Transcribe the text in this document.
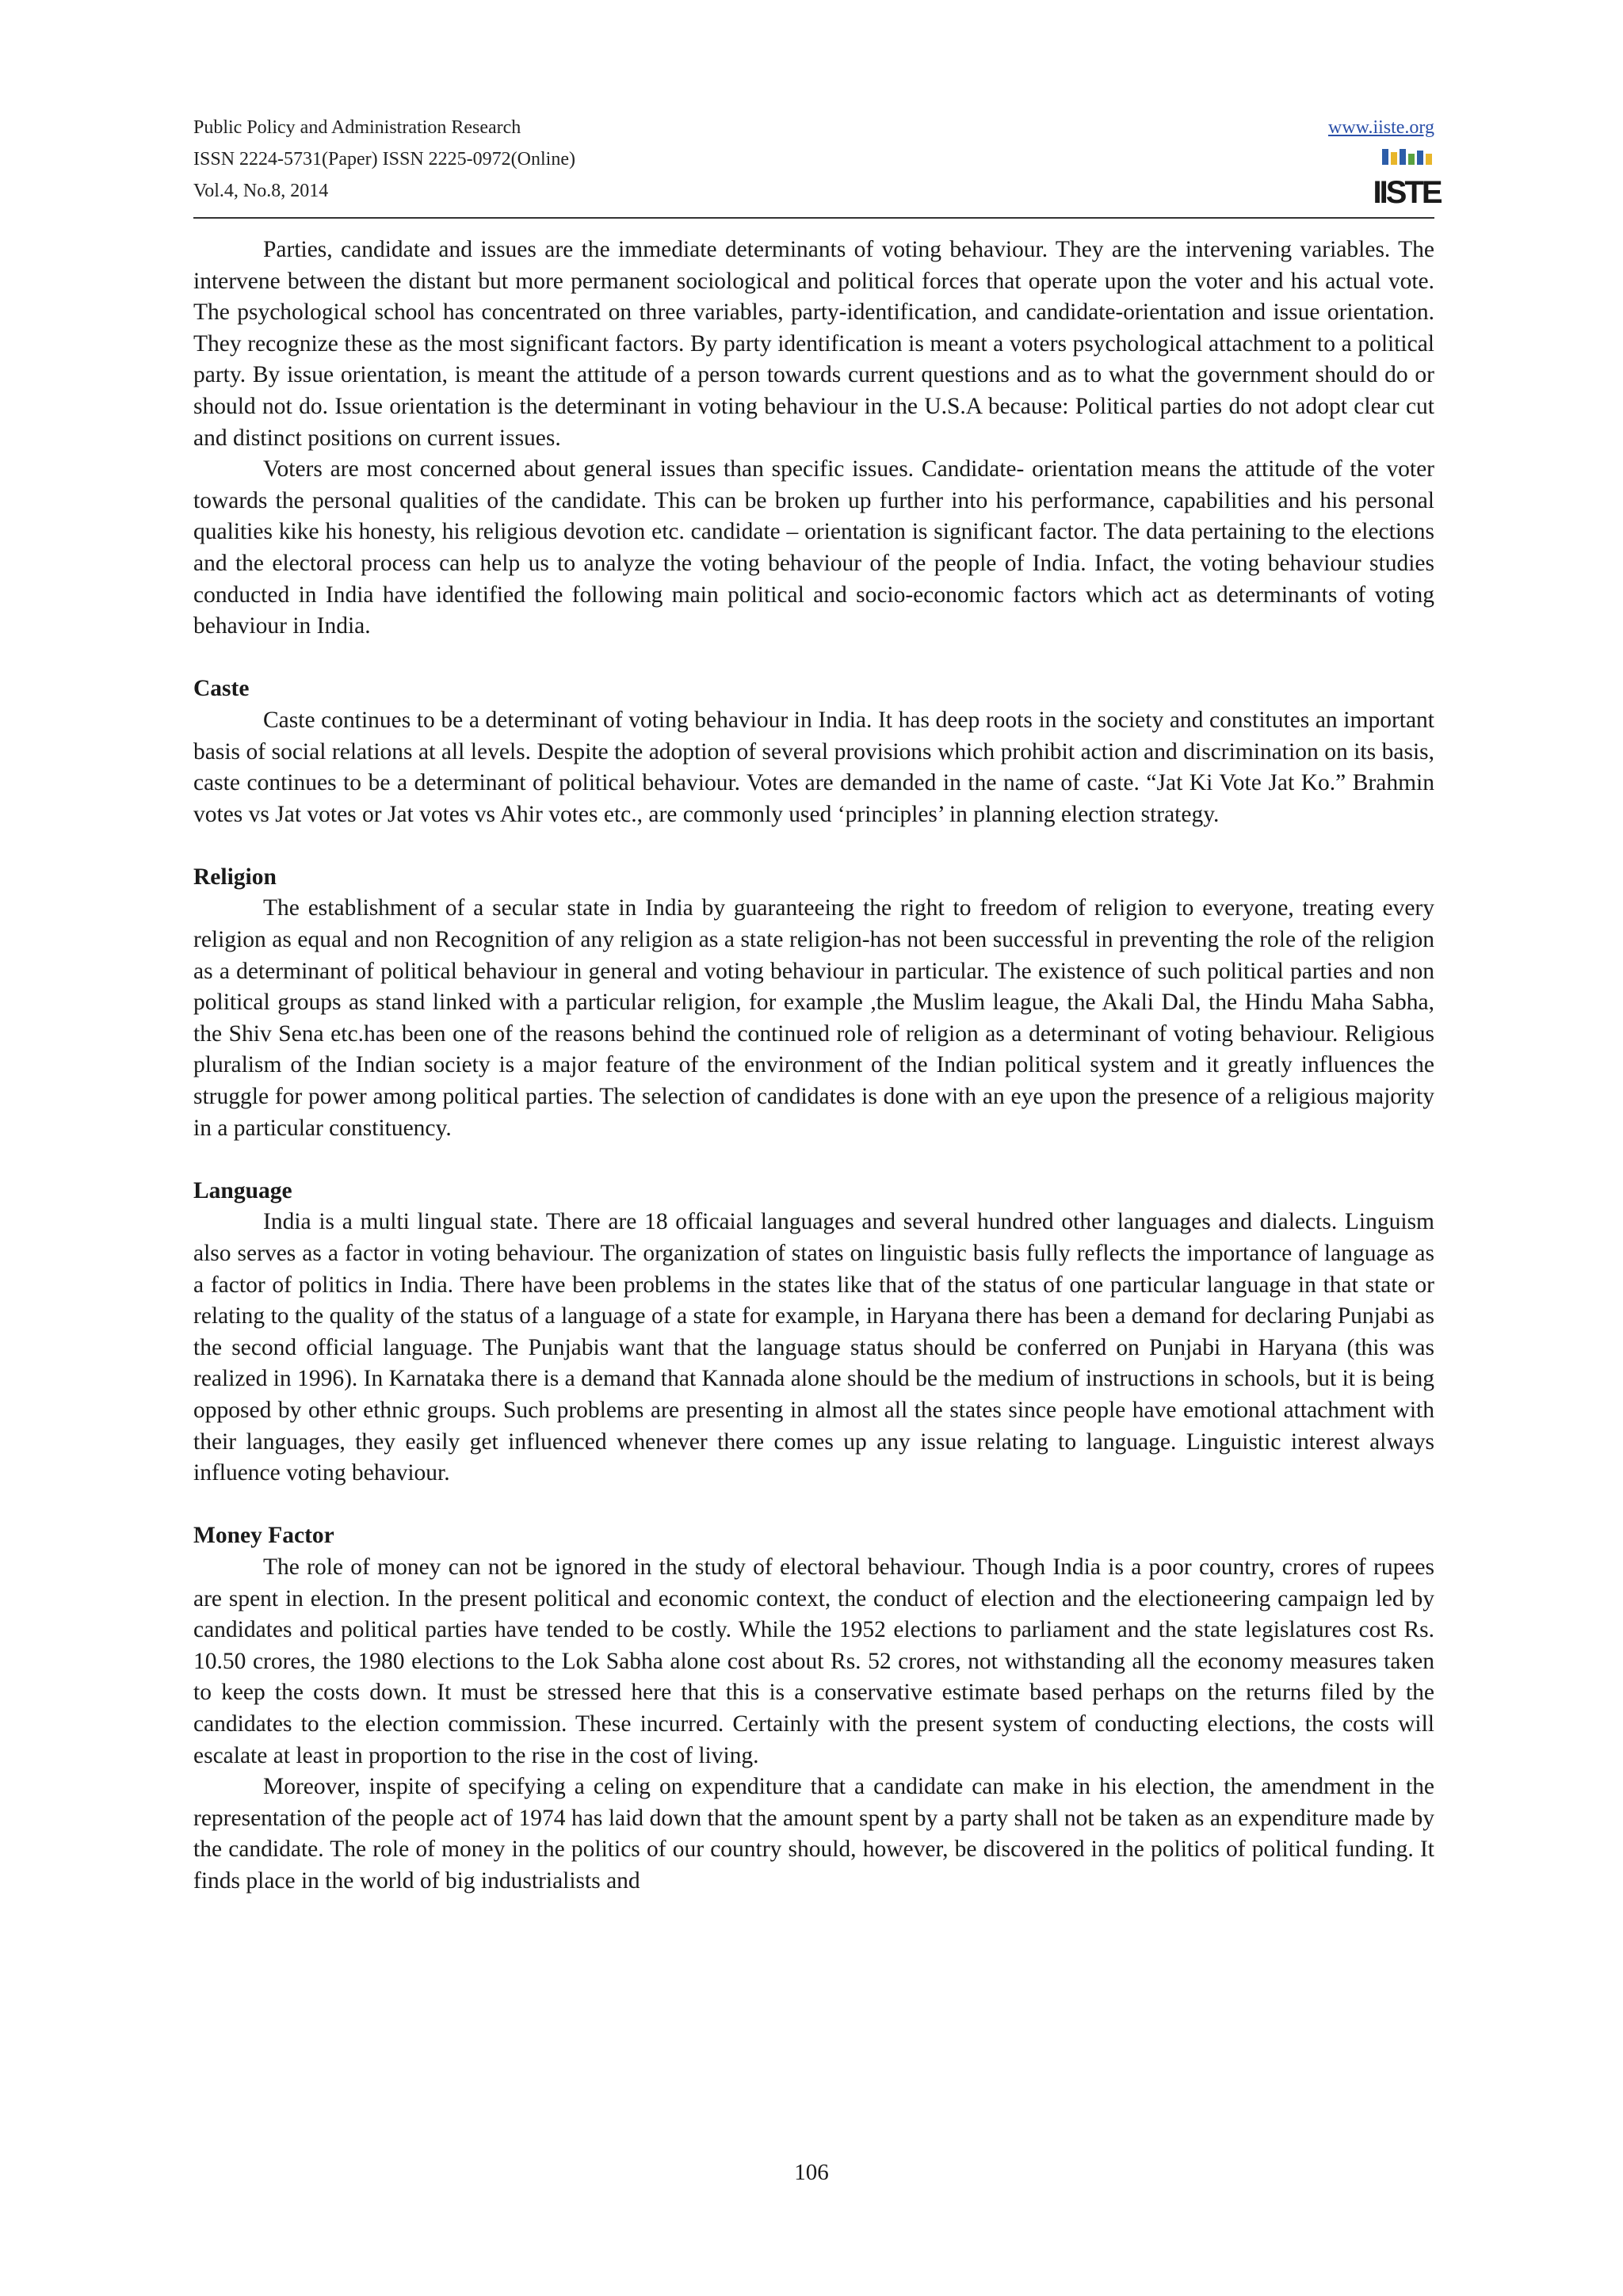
Public Policy and Administration Research
ISSN 2224-5731(Paper) ISSN 2225-0972(Online)
Vol.4, No.8, 2014
www.iiste.org
IISTE

Parties, candidate and issues are the immediate determinants of voting behaviour. They are the intervening variables. The intervene between the distant but more permanent sociological and political forces that operate upon the voter and his actual vote. The psychological school has concentrated on three variables, party-identification, and candidate-orientation and issue orientation. They recognize these as the most significant factors. By party identification is meant a voters psychological attachment to a political party. By issue orientation, is meant the attitude of a person towards current questions and as to what the government should do or should not do. Issue orientation is the determinant in voting behaviour in the U.S.A because: Political parties do not adopt clear cut and distinct positions on current issues.

Voters are most concerned about general issues than specific issues. Candidate- orientation means the attitude of the voter towards the personal qualities of the candidate. This can be broken up further into his performance, capabilities and his personal qualities kike his honesty, his religious devotion etc. candidate – orientation is significant factor. The data pertaining to the elections and the electoral process can help us to analyze the voting behaviour of the people of India. Infact, the voting behaviour studies conducted in India have identified the following main political and socio-economic factors which act as determinants of voting behaviour in India.

Caste

Caste continues to be a determinant of voting behaviour in India. It has deep roots in the society and constitutes an important basis of social relations at all levels. Despite the adoption of several provisions which prohibit action and discrimination on its basis, caste continues to be a determinant of political behaviour. Votes are demanded in the name of caste. “Jat Ki Vote Jat Ko.” Brahmin votes vs Jat votes or Jat votes vs Ahir votes etc., are commonly used ‘principles’ in planning election strategy.

Religion

The establishment of a secular state in India by guaranteeing the right to freedom of religion to everyone, treating every religion as equal and non Recognition of any religion as a state religion-has not been successful in preventing the role of the religion as a determinant of political behaviour in general and voting behaviour in particular. The existence of such political parties and non political groups as stand linked with a particular religion, for example ,the Muslim league, the Akali Dal, the Hindu Maha Sabha, the Shiv Sena etc.has been one of the reasons behind the continued role of religion as a determinant of voting behaviour. Religious pluralism of the Indian society is a major feature of the environment of the Indian political system and it greatly influences the struggle for power among political parties. The selection of candidates is done with an eye upon the presence of a religious majority in a particular constituency.

Language

India is a multi lingual state. There are 18 officaial languages and several hundred other languages and dialects. Linguism also serves as a factor in voting behaviour. The organization of states on linguistic basis fully reflects the importance of language as a factor of politics in India. There have been problems in the states like that of the status of one particular language in that state or relating to the quality of the status of a language of a state for example, in Haryana there has been a demand for declaring Punjabi as the second official language. The Punjabis want that the language status should be conferred on Punjabi in Haryana (this was realized in 1996). In Karnataka there is a demand that Kannada alone should be the medium of instructions in schools, but it is being opposed by other ethnic groups. Such problems are presenting in almost all the states since people have emotional attachment with their languages, they easily get influenced whenever there comes up any issue relating to language. Linguistic interest always influence voting behaviour.

Money Factor

The role of money can not be ignored in the study of electoral behaviour. Though India is a poor country, crores of rupees are spent in election. In the present political and economic context, the conduct of election and the electioneering campaign led by candidates and political parties have tended to be costly. While the 1952 elections to parliament and the state legislatures cost Rs. 10.50 crores, the 1980 elections to the Lok Sabha alone cost about Rs. 52 crores, not withstanding all the economy measures taken to keep the costs down. It must be stressed here that this is a conservative estimate based perhaps on the returns filed by the candidates to the election commission. These incurred. Certainly with the present system of conducting elections, the costs will escalate at least in proportion to the rise in the cost of living.

Moreover, inspite of specifying a celing on expenditure that a candidate can make in his election, the amendment in the representation of the people act of 1974 has laid down that the amount spent by a party shall not be taken as an expenditure made by the candidate. The role of money in the politics of our country should, however, be discovered in the politics of political funding. It finds place in the world of big industrialists and

106
